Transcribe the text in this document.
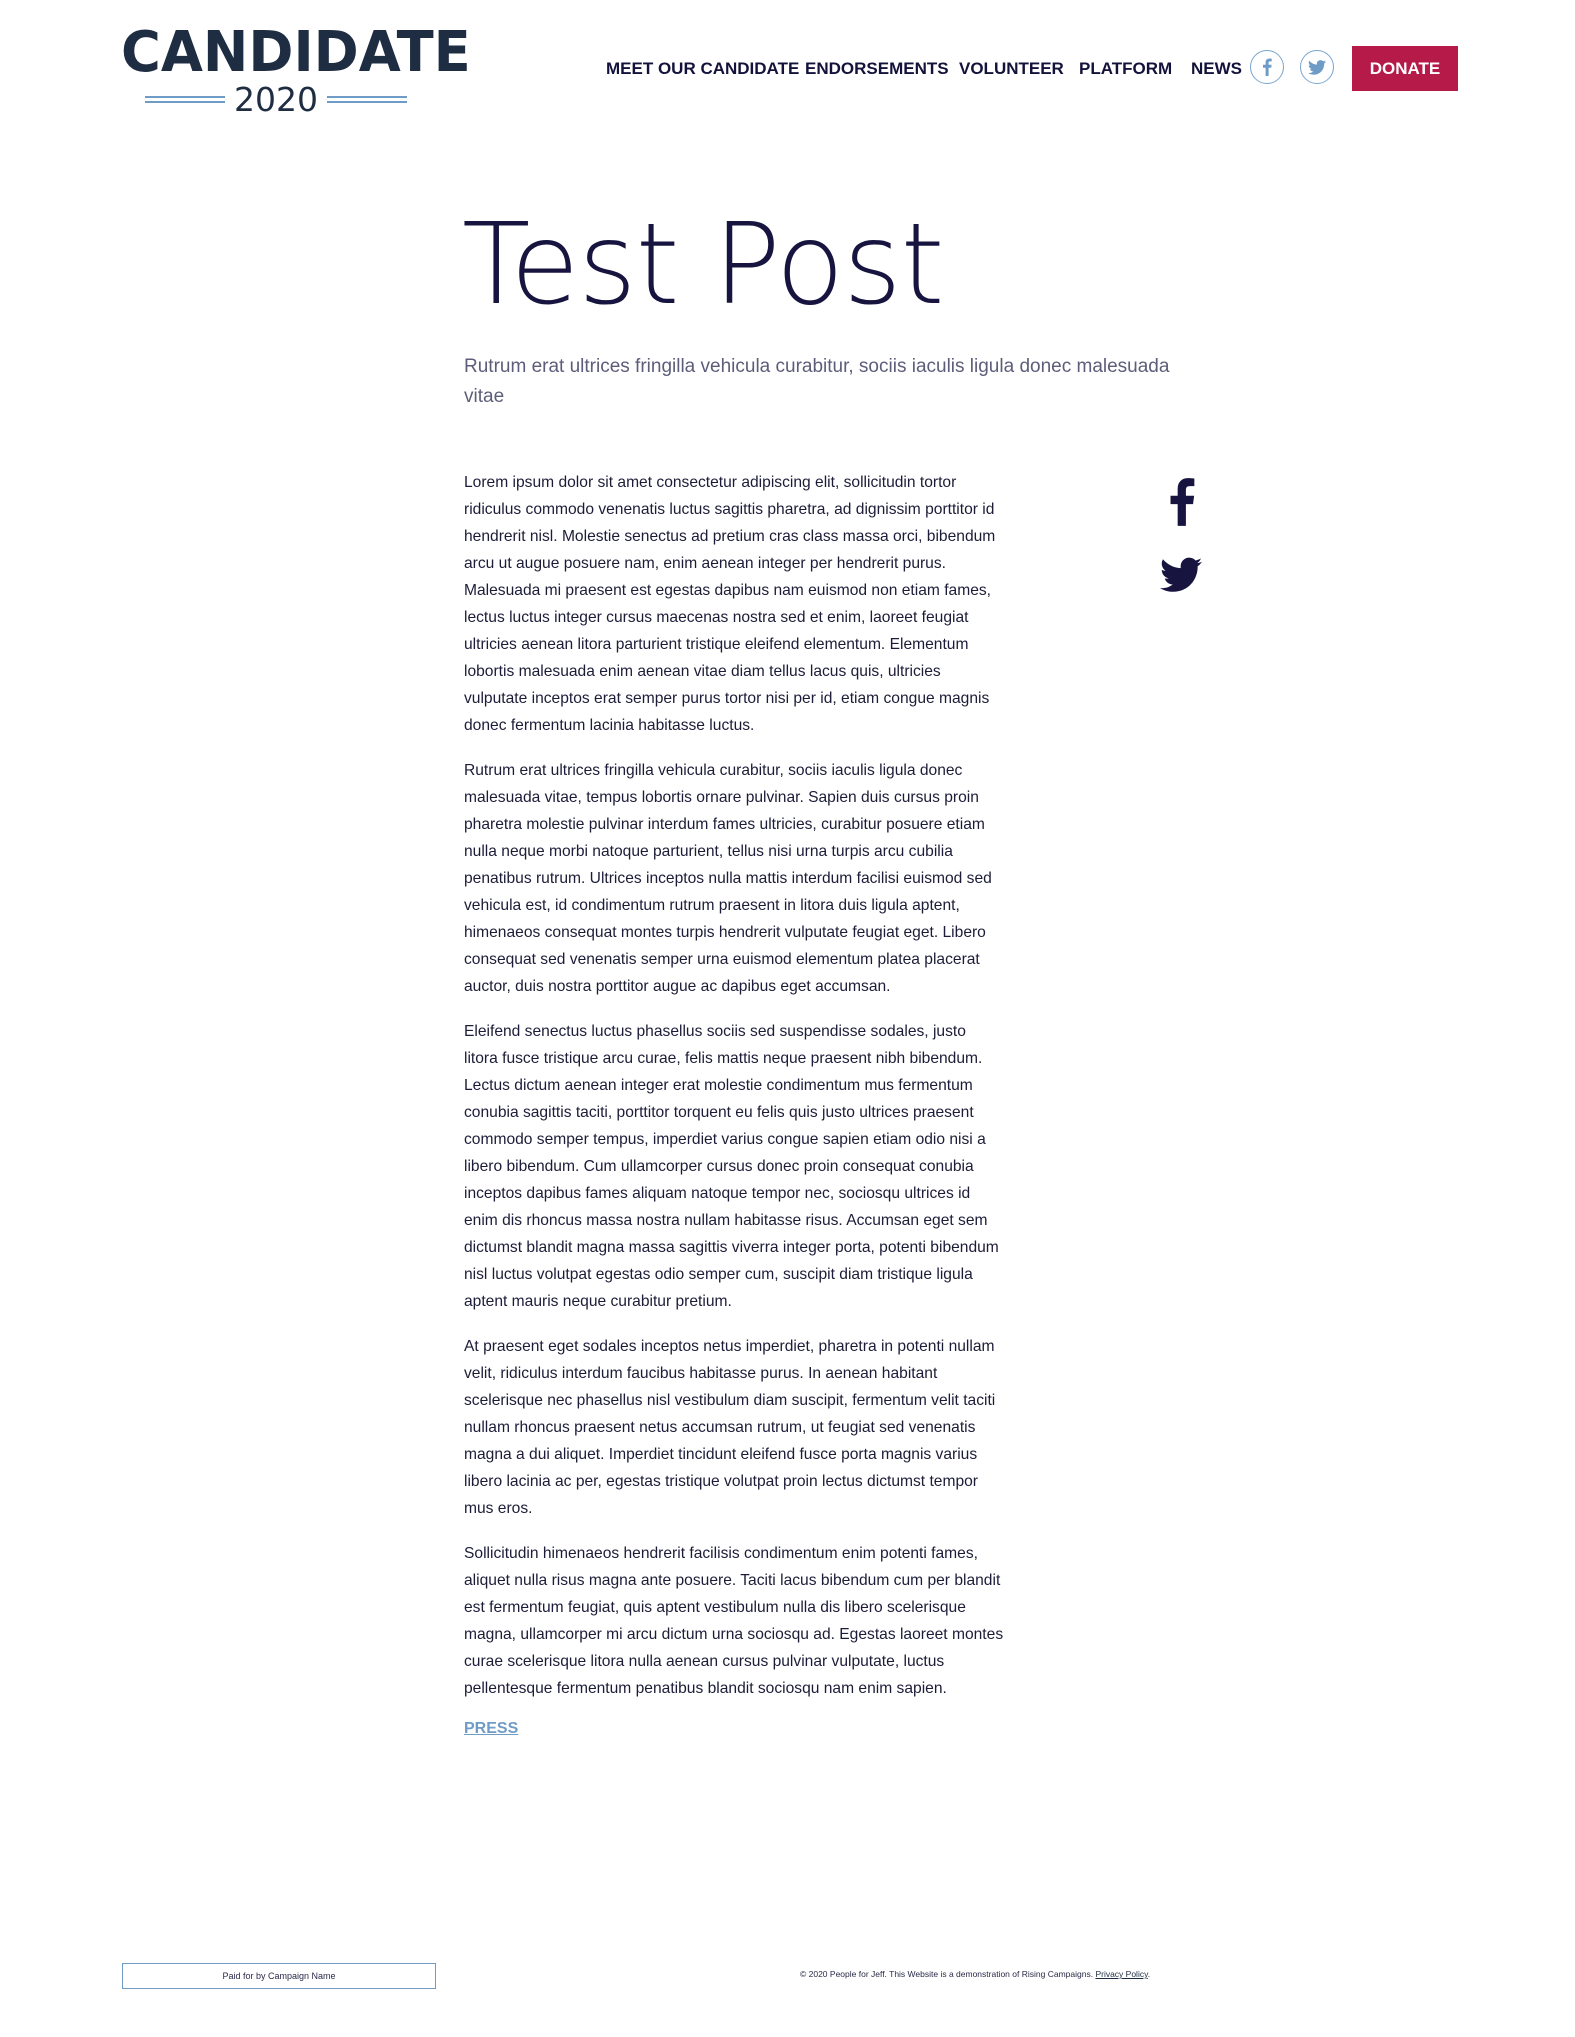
CANDIDATE
2020
MEET OUR CANDIDATE ENDORSEMENTS VOLUNTEER PLATFORM NEWS	DONATE
Test Post

Rutrum erat ultrices fringilla vehicula curabitur, sociis iaculis ligula donec malesuada vitae

Lorem ipsum dolor sit amet consectetur adipiscing elit, sollicitudin tortor ridiculus commodo venenatis luctus sagittis pharetra, ad dignissim porttitor id hendrerit nisl. Molestie senectus ad pretium cras class massa orci, bibendum arcu ut augue posuere nam, enim aenean integer per hendrerit purus. Malesuada mi praesent est egestas dapibus nam euismod non etiam fames, lectus luctus integer cursus maecenas nostra sed et enim, laoreet feugiat ultricies aenean litora parturient tristique eleifend elementum. Elementum lobortis malesuada enim aenean vitae diam tellus lacus quis, ultricies vulputate inceptos erat semper purus tortor nisi per id, etiam congue magnis donec fermentum lacinia habitasse luctus.

Rutrum erat ultrices fringilla vehicula curabitur, sociis iaculis ligula donec malesuada vitae, tempus lobortis ornare pulvinar. Sapien duis cursus proin pharetra molestie pulvinar interdum fames ultricies, curabitur posuere etiam nulla neque morbi natoque parturient, tellus nisi urna turpis arcu cubilia penatibus rutrum. Ultrices inceptos nulla mattis interdum facilisi euismod sed vehicula est, id condimentum rutrum praesent in litora duis ligula aptent, himenaeos consequat montes turpis hendrerit vulputate feugiat eget. Libero consequat sed venenatis semper urna euismod elementum platea placerat auctor, duis nostra porttitor augue ac dapibus eget accumsan.

Eleifend senectus luctus phasellus sociis sed suspendisse sodales, justo litora fusce tristique arcu curae, felis mattis neque praesent nibh bibendum. Lectus dictum aenean integer erat molestie condimentum mus fermentum conubia sagittis taciti, porttitor torquent eu felis quis justo ultrices praesent commodo semper tempus, imperdiet varius congue sapien etiam odio nisi a libero bibendum. Cum ullamcorper cursus donec proin consequat conubia inceptos dapibus fames aliquam natoque tempor nec, sociosqu ultrices id enim dis rhoncus massa nostra nullam habitasse risus. Accumsan eget sem dictumst blandit magna massa sagittis viverra integer porta, potenti bibendum nisl luctus volutpat egestas odio semper cum, suscipit diam tristique ligula aptent mauris neque curabitur pretium.

At praesent eget sodales inceptos netus imperdiet, pharetra in potenti nullam velit, ridiculus interdum faucibus habitasse purus. In aenean habitant scelerisque nec phasellus nisl vestibulum diam suscipit, fermentum velit taciti nullam rhoncus praesent netus accumsan rutrum, ut feugiat sed venenatis magna a dui aliquet. Imperdiet tincidunt eleifend fusce porta magnis varius libero lacinia ac per, egestas tristique volutpat proin lectus dictumst tempor mus eros.

Sollicitudin himenaeos hendrerit facilisis condimentum enim potenti fames, aliquet nulla risus magna ante posuere. Taciti lacus bibendum cum per blandit est fermentum feugiat, quis aptent vestibulum nulla dis libero scelerisque magna, ullamcorper mi arcu dictum urna sociosqu ad. Egestas laoreet montes curae scelerisque litora nulla aenean cursus pulvinar vulputate, luctus pellentesque fermentum penatibus blandit sociosqu nam enim sapien.

PRESS
Paid for by Campaign Name	© 2020 People for Jeff. This Website is a demonstration of Rising Campaigns. Privacy Policy.
